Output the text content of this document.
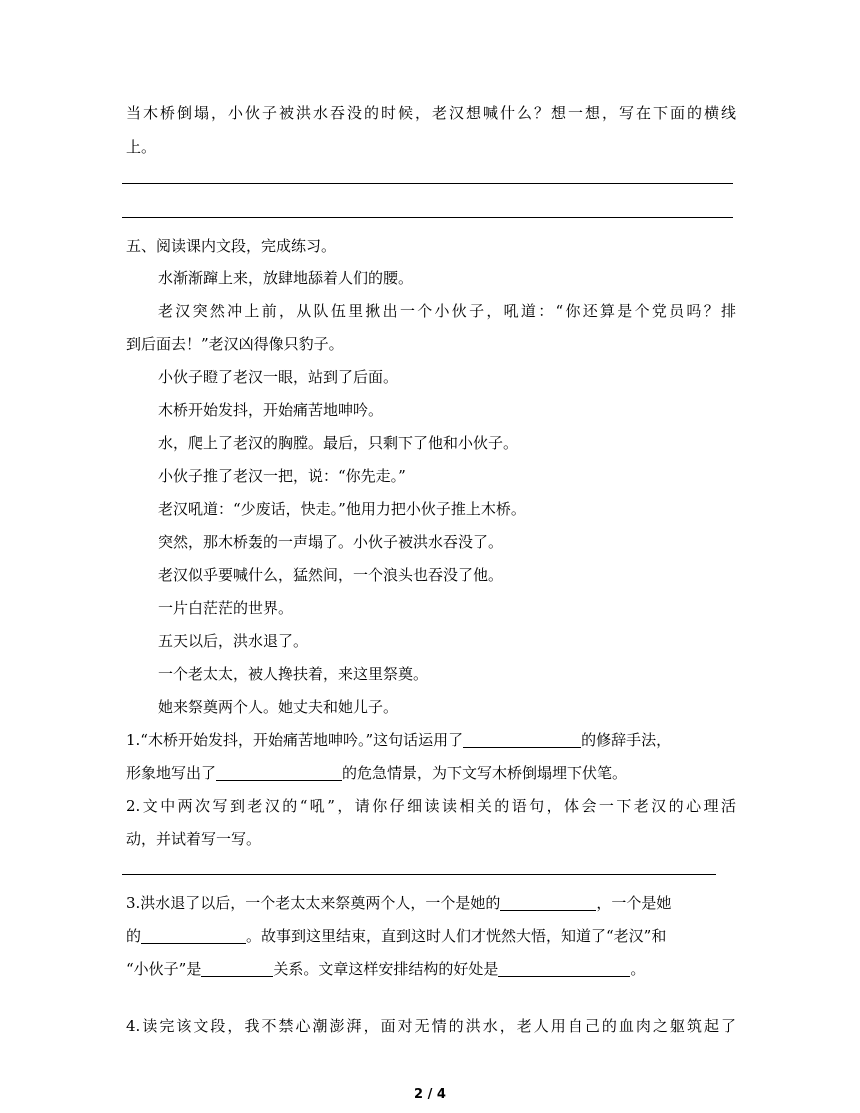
当木桥倒塌，小伙子被洪水吞没的时候，老汉想喊什么？想一想，写在下面的横线
上。
五、阅读课内文段，完成练习。
水渐渐蹿上来，放肆地舔着人们的腰。
老汉突然冲上前，从队伍里揪出一个小伙子，吼道：“你还算是个党员吗？排
到后面去！”老汉凶得像只豹子。
小伙子瞪了老汉一眼，站到了后面。
木桥开始发抖，开始痛苦地呻吟。
水，爬上了老汉的胸膛。最后，只剩下了他和小伙子。
小伙子推了老汉一把，说：“你先走。”
老汉吼道：“少废话，快走。”他用力把小伙子推上木桥。
突然，那木桥轰的一声塌了。小伙子被洪水吞没了。
老汉似乎要喊什么，猛然间，一个浪头也吞没了他。
一片白茫茫的世界。
五天以后，洪水退了。
一个老太太，被人搀扶着，来这里祭奠。
她来祭奠两个人。她丈夫和她儿子。
1.“木桥开始发抖，开始痛苦地呻吟。”这句话运用了	的修辞手法，
形象地写出了	的危急情景，为下文写木桥倒塌埋下伏笔。
2.文中两次写到老汉的“吼”，请你仔细读读相关的语句，体会一下老汉的心理活
动，并试着写一写。
3.洪水退了以后，一个老太太来祭奠两个人，一个是她的	，一个是她
的	。故事到这里结束，直到这时人们才恍然大悟，知道了“老汉”和
“小伙子”是	关系。文章这样安排结构的好处是	。
4.读完该文段，我不禁心潮澎湃，面对无情的洪水，老人用自己的血肉之躯筑起了
2 / 4
